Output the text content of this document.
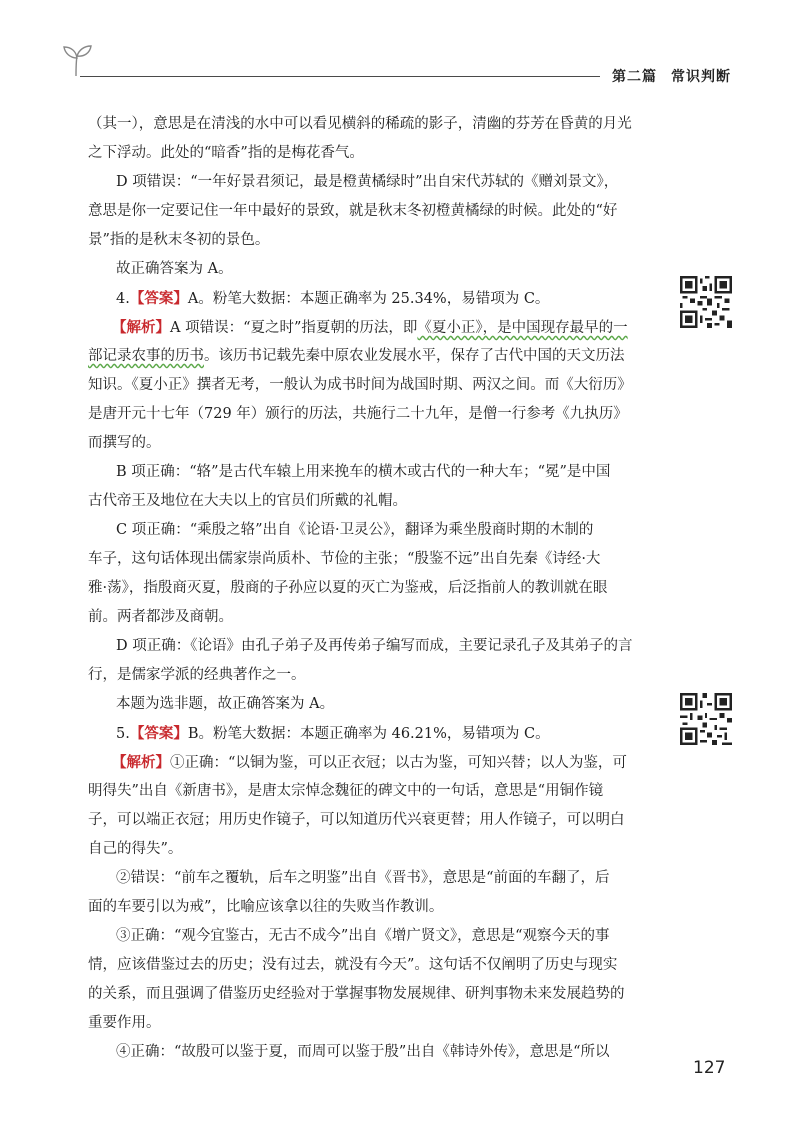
第二篇 常识判断
（其一），意思是在清浅的水中可以看见横斜的稀疏的影子，清幽的芬芳在昏黄的月光
之下浮动。此处的“暗香”指的是梅花香气。
D 项错误：“一年好景君须记，最是橙黄橘绿时”出自宋代苏轼的《赠刘景文》，
意思是你一定要记住一年中最好的景致，就是秋末冬初橙黄橘绿的时候。此处的“好
景”指的是秋末冬初的景色。
故正确答案为 A。
4.【答案】A。粉笔大数据：本题正确率为 25.34%，易错项为 C。
【解析】A 项错误：“夏之时”指夏朝的历法，即《夏小正》，是中国现存最早的一
部记录农事的历书。该历书记载先秦中原农业发展水平，保存了古代中国的天文历法
知识。《夏小正》撰者无考，一般认为成书时间为战国时期、两汉之间。而《大衍历》
是唐开元十七年（729 年）颁行的历法，共施行二十九年，是僧一行参考《九执历》
而撰写的。
B 项正确：“辂”是古代车辕上用来挽车的横木或古代的一种大车；“冕”是中国
古代帝王及地位在大夫以上的官员们所戴的礼帽。
C 项正确：“乘殷之辂”出自《论语·卫灵公》，翻译为乘坐殷商时期的木制的
车子，这句话体现出儒家崇尚质朴、节俭的主张；“殷鉴不远”出自先秦《诗经·大
雅·荡》，指殷商灭夏，殷商的子孙应以夏的灭亡为鉴戒，后泛指前人的教训就在眼
前。两者都涉及商朝。
D 项正确：《论语》由孔子弟子及再传弟子编写而成，主要记录孔子及其弟子的言
行，是儒家学派的经典著作之一。
本题为选非题，故正确答案为 A。
5.【答案】B。粉笔大数据：本题正确率为 46.21%，易错项为 C。
【解析】①正确：“以铜为鉴，可以正衣冠；以古为鉴，可知兴替；以人为鉴，可
明得失”出自《新唐书》，是唐太宗悼念魏征的碑文中的一句话，意思是“用铜作镜
子，可以端正衣冠；用历史作镜子，可以知道历代兴衰更替；用人作镜子，可以明白
自己的得失”。
②错误：“前车之覆轨，后车之明鉴”出自《晋书》，意思是“前面的车翻了，后
面的车要引以为戒”，比喻应该拿以往的失败当作教训。
③正确：“观今宜鉴古，无古不成今”出自《增广贤文》，意思是“观察今天的事
情，应该借鉴过去的历史；没有过去，就没有今天”。这句话不仅阐明了历史与现实
的关系，而且强调了借鉴历史经验对于掌握事物发展规律、研判事物未来发展趋势的
重要作用。
④正确：“故殷可以鉴于夏，而周可以鉴于殷”出自《韩诗外传》，意思是“所以
127
